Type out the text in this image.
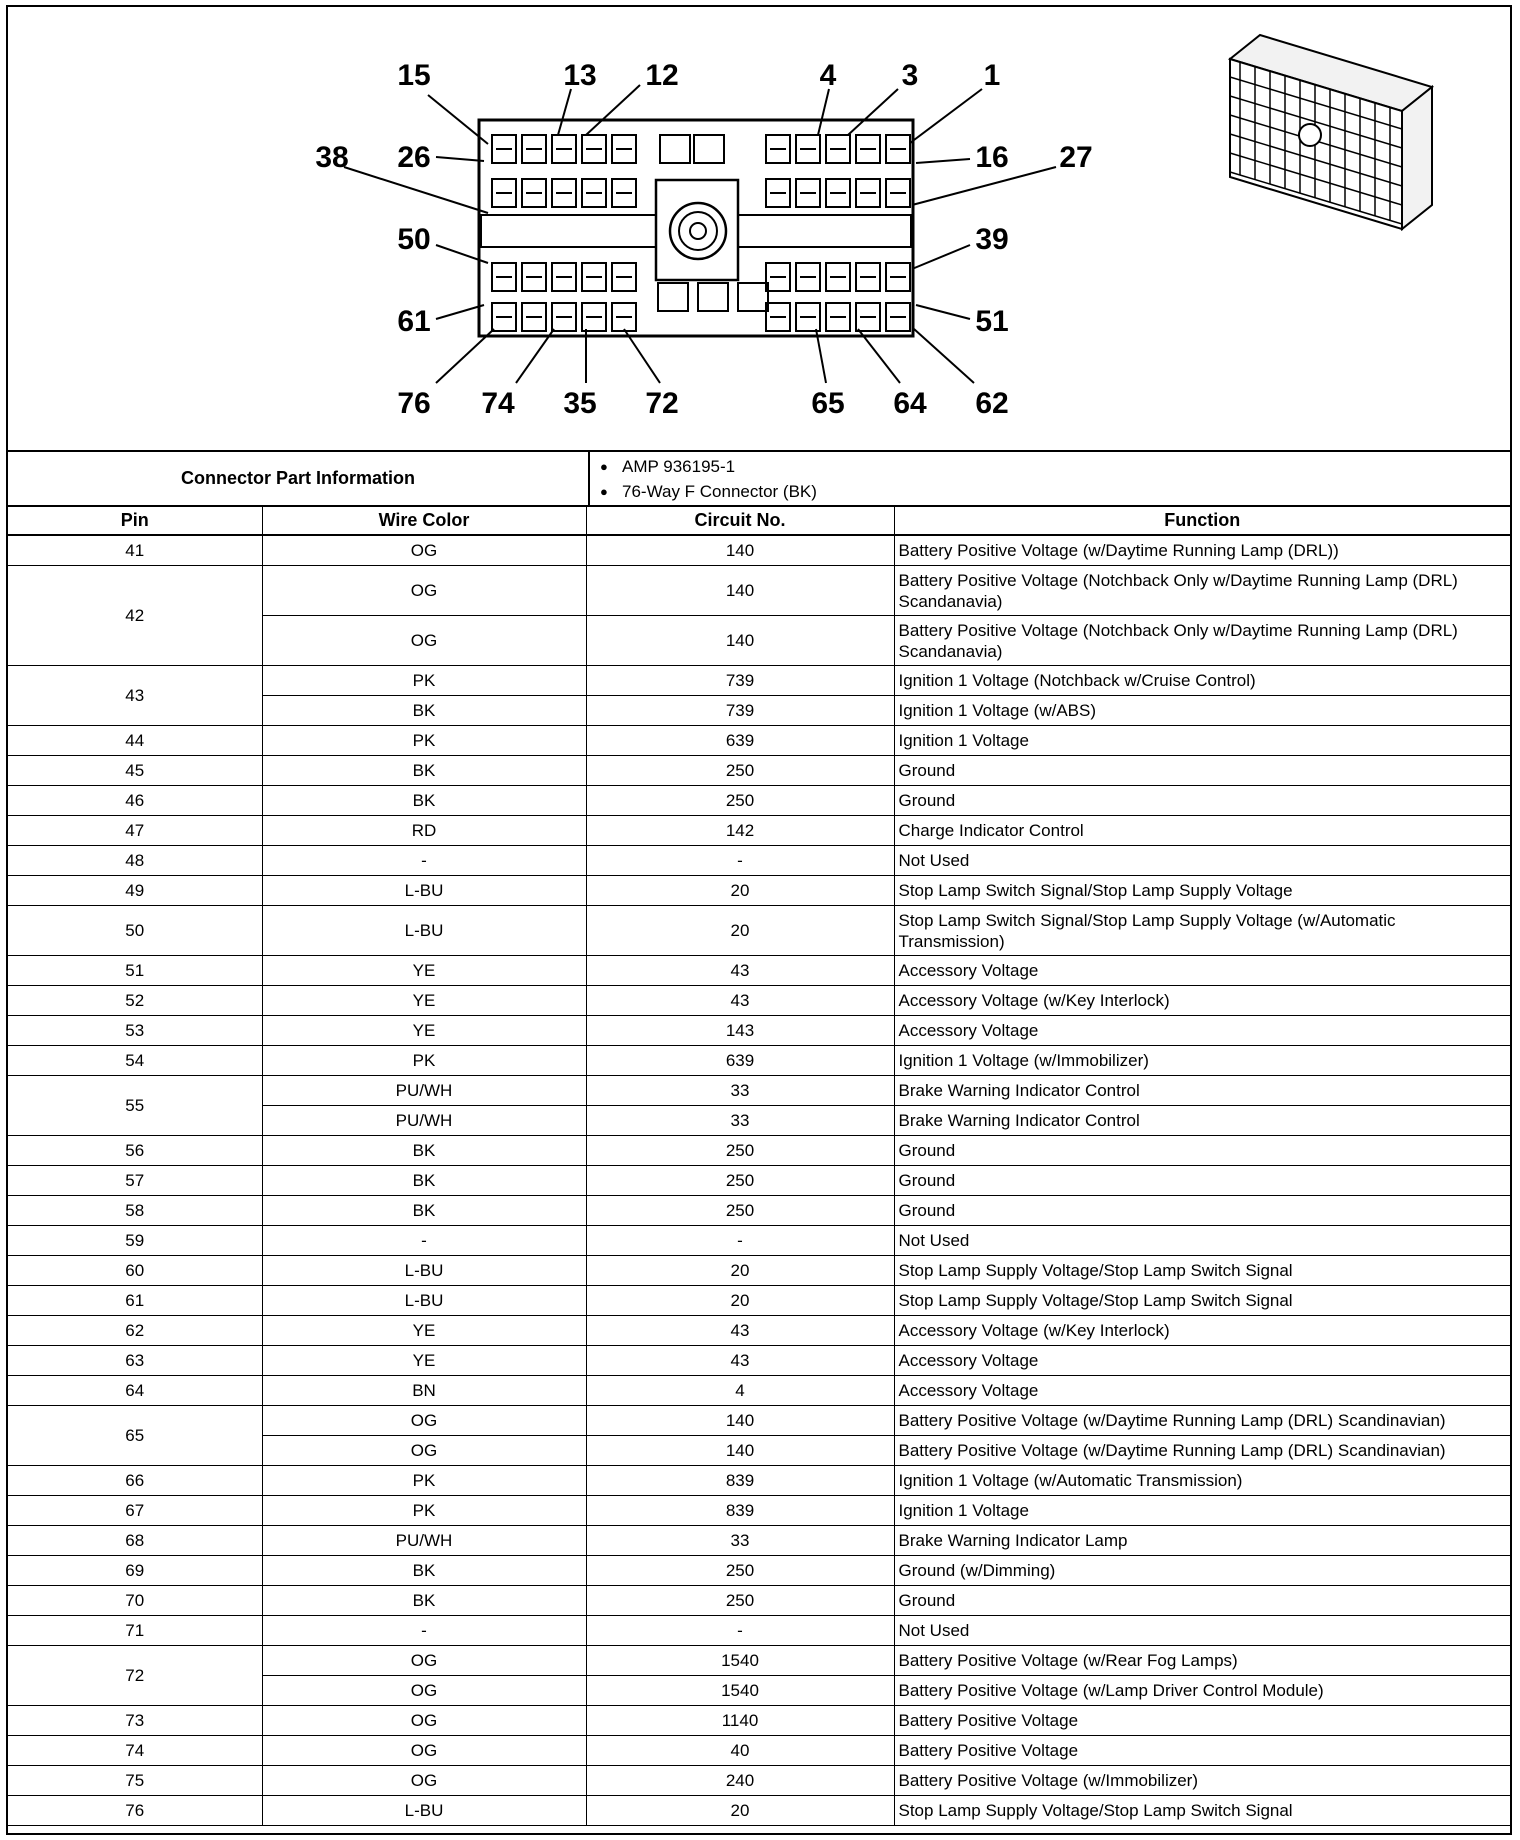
15	13 12	4 3 1
38 26	16 27
50	39
61	51
76 74 35 72	65 64 62
Connector Part Information
● AMP 936195-1
● 76-Way F Connector (BK)
Pin	Wire Color	Circuit No.	Function
41	OG	140	Battery Positive Voltage (w/Daytime Running Lamp (DRL))
42	OG	140	Battery Positive Voltage (Notchback Only w/Daytime Running Lamp (DRL) Scandanavia)
	OG	140	Battery Positive Voltage (Notchback Only w/Daytime Running Lamp (DRL) Scandanavia)
43	PK	739	Ignition 1 Voltage (Notchback w/Cruise Control)
	BK	739	Ignition 1 Voltage (w/ABS)
44	PK	639	Ignition 1 Voltage
45	BK	250	Ground
46	BK	250	Ground
47	RD	142	Charge Indicator Control
48	-	-	Not Used
49	L-BU	20	Stop Lamp Switch Signal/Stop Lamp Supply Voltage
50	L-BU	20	Stop Lamp Switch Signal/Stop Lamp Supply Voltage (w/Automatic Transmission)
51	YE	43	Accessory Voltage
52	YE	43	Accessory Voltage (w/Key Interlock)
53	YE	143	Accessory Voltage
54	PK	639	Ignition 1 Voltage (w/Immobilizer)
55	PU/WH	33	Brake Warning Indicator Control
	PU/WH	33	Brake Warning Indicator Control
56	BK	250	Ground
57	BK	250	Ground
58	BK	250	Ground
59	-	-	Not Used
60	L-BU	20	Stop Lamp Supply Voltage/Stop Lamp Switch Signal
61	L-BU	20	Stop Lamp Supply Voltage/Stop Lamp Switch Signal
62	YE	43	Accessory Voltage (w/Key Interlock)
63	YE	43	Accessory Voltage
64	BN	4	Accessory Voltage
65	OG	140	Battery Positive Voltage (w/Daytime Running Lamp (DRL) Scandinavian)
	OG	140	Battery Positive Voltage (w/Daytime Running Lamp (DRL) Scandinavian)
66	PK	839	Ignition 1 Voltage (w/Automatic Transmission)
67	PK	839	Ignition 1 Voltage
68	PU/WH	33	Brake Warning Indicator Lamp
69	BK	250	Ground (w/Dimming)
70	BK	250	Ground
71	-	-	Not Used
72	OG	1540	Battery Positive Voltage (w/Rear Fog Lamps)
	OG	1540	Battery Positive Voltage (w/Lamp Driver Control Module)
73	OG	1140	Battery Positive Voltage
74	OG	40	Battery Positive Voltage
75	OG	240	Battery Positive Voltage (w/Immobilizer)
76	L-BU	20	Stop Lamp Supply Voltage/Stop Lamp Switch Signal
